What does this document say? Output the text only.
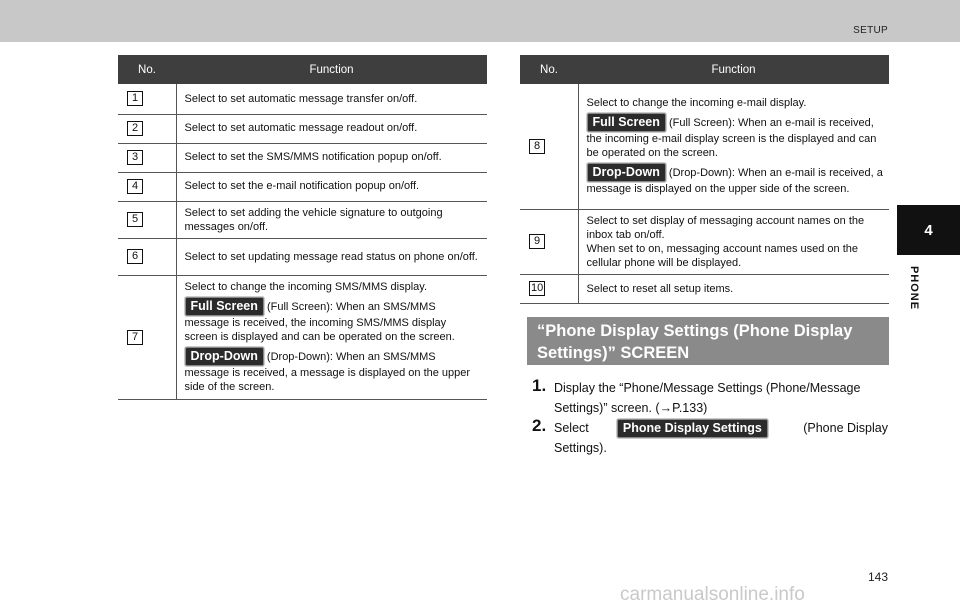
SETUP
4
PHONE
No.	Function
1	Select to set automatic message transfer on/off.
2	Select to set automatic message readout on/off.
3	Select to set the SMS/MMS notification popup on/off.
4	Select to set the e-mail notification popup on/off.
5	Select to set adding the vehicle signature to outgoing messages on/off.
6	Select to set updating message read status on phone on/off.
7	Select to change the incoming SMS/MMS display.
Full Screen (Full Screen): When an SMS/MMS message is received, the incoming SMS/MMS display screen is displayed and can be operated on the screen.
Drop-Down (Drop-Down): When an SMS/MMS message is received, a message is displayed on the upper side of the screen.
No.	Function
8	Select to change the incoming e-mail display.
Full Screen (Full Screen): When an e-mail is received, the incoming e-mail display screen is the displayed and can be operated on the screen.
Drop-Down (Drop-Down): When an e-mail is received, a message is displayed on the upper side of the screen.

9	Select to set display of messaging account names on the inbox tab on/off.
When set to on, messaging account names used on the cellular phone will be displayed.

10	Select to reset all setup items.
“Phone Display Settings (Phone Display Settings)” SCREEN
1. Display the “Phone/Message Settings (Phone/Message Settings)” screen. (→P.133)
2. Select	Phone Display Settings	(Phone Display
Settings).
143
carmanualsonline.info
